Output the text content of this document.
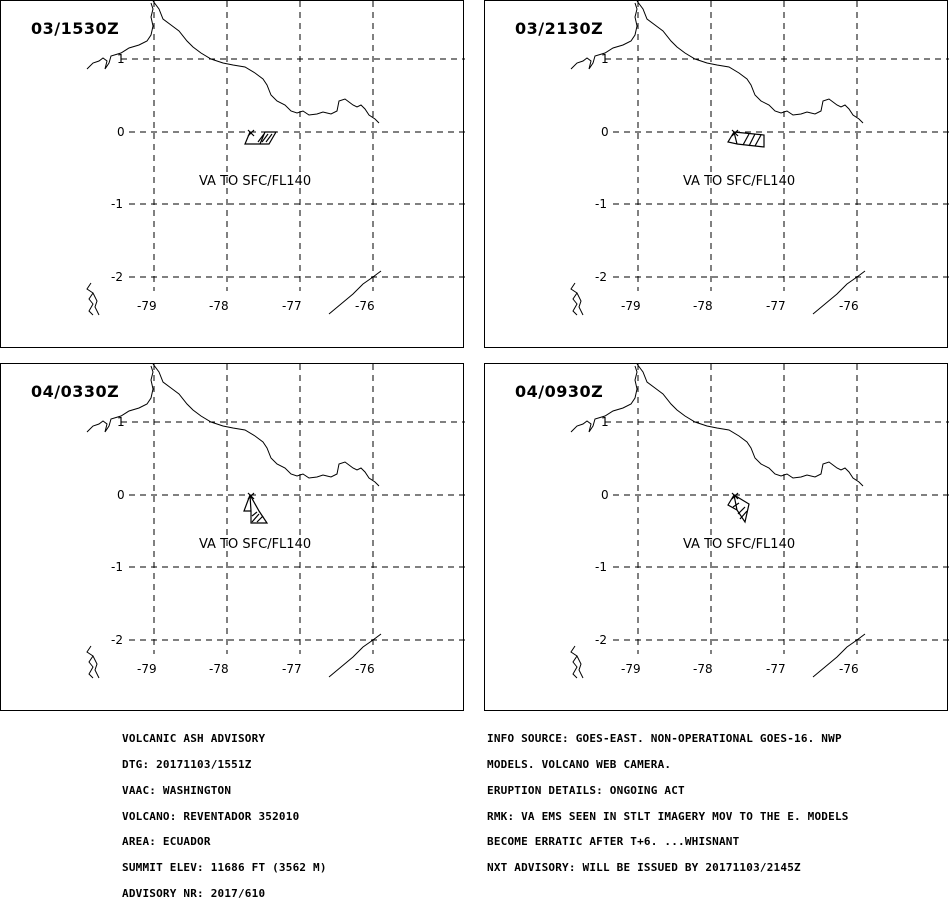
03/1530Z
VA TO SFC/FL140
1
0
-1
-2
-79	-78	-77	-76
03/2130Z
VA TO SFC/FL140
1
0
-1
-2
-79	-78	-77	-76
04/0330Z
VA TO SFC/FL140
1
0
-1
-2
-79	-78	-77	-76
04/0930Z
VA TO SFC/FL140
1
0
-1
-2
-79	-78	-77	-76

VOLCANIC ASH ADVISORY

DTG: 20171103/1551Z

VAAC: WASHINGTON

VOLCANO: REVENTADOR 352010

AREA: ECUADOR

SUMMIT ELEV: 11686 FT (3562 M)

ADVISORY NR: 2017/610

INFO SOURCE: GOES-EAST. NON-OPERATIONAL GOES-16. NWP

MODELS. VOLCANO WEB CAMERA.

ERUPTION DETAILS: ONGOING ACT

RMK: VA EMS SEEN IN STLT IMAGERY MOV TO THE E. MODELS

BECOME ERRATIC AFTER T+6. ...WHISNANT

NXT ADVISORY: WILL BE ISSUED BY 20171103/2145Z
